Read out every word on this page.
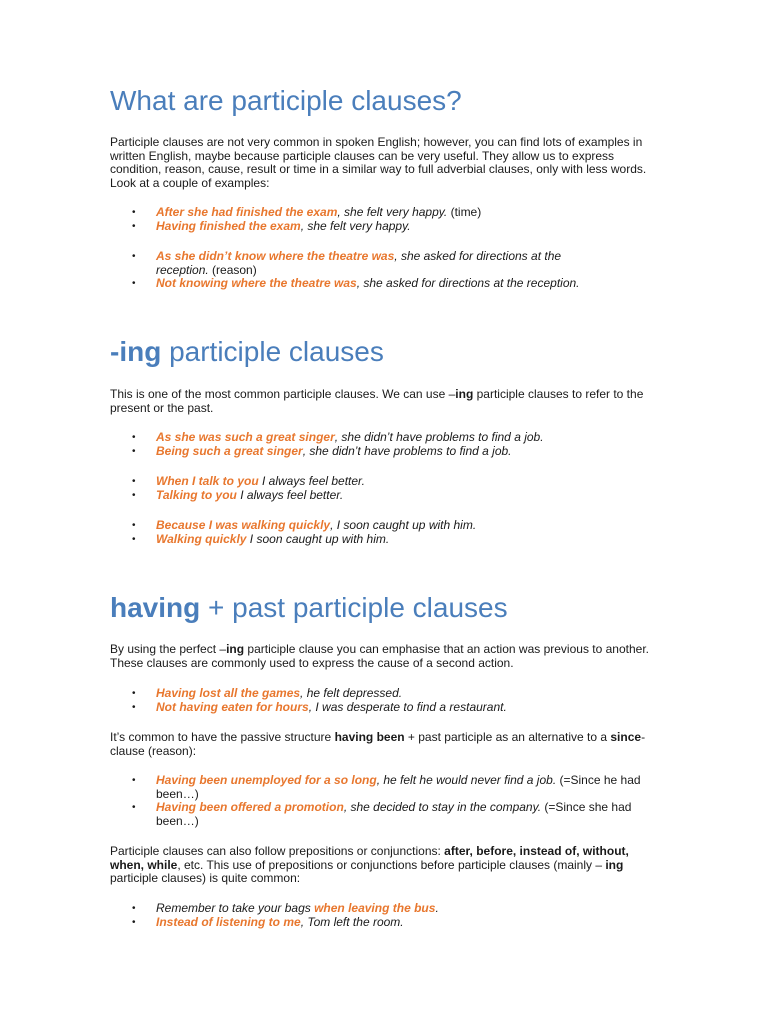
What are participle clauses?

Participle clauses are not very common in spoken English; however, you can find lots of examples in written English, maybe because participle clauses can be very useful. They allow us to express condition, reason, cause, result or time in a similar way to full adverbial clauses, only with less words. Look at a couple of examples:

• After she had finished the exam, she felt very happy. (time)
• Having finished the exam, she felt very happy.
• As she didn’t know where the theatre was, she asked for directions at the reception. (reason)
• Not knowing where the theatre was, she asked for directions at the reception.
-ing participle clauses

This is one of the most common participle clauses. We can use –ing participle clauses to refer to the present or the past.

• As she was such a great singer, she didn’t have problems to find a job.
• Being such a great singer, she didn’t have problems to find a job.
• When I talk to you I always feel better.
• Talking to you I always feel better.
• Because I was walking quickly, I soon caught up with him.
• Walking quickly I soon caught up with him.
having + past participle clauses

By using the perfect –ing participle clause you can emphasise that an action was previous to another. These clauses are commonly used to express the cause of a second action.

• Having lost all the games, he felt depressed.
• Not having eaten for hours, I was desperate to find a restaurant.

It’s common to have the passive structure having been + past participle as an alternative to a since-clause (reason):

• Having been unemployed for a so long, he felt he would never find a job. (=Since he had been…)
• Having been offered a promotion, she decided to stay in the company. (=Since she had been…)

Participle clauses can also follow prepositions or conjunctions: after, before, instead of, without, when, while, etc. This use of prepositions or conjunctions before participle clauses (mainly – ing participle clauses) is quite common:

• Remember to take your bags when leaving the bus.
• Instead of listening to me, Tom left the room.
